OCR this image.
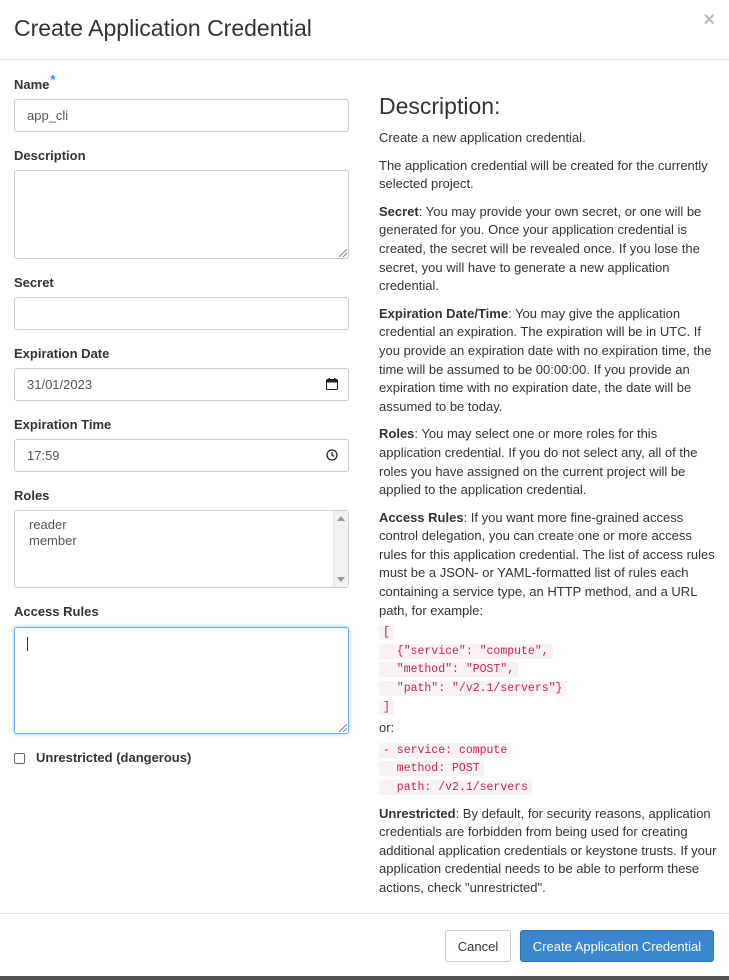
Create Application Credential	×
Name*
app_cli
Description
Secret
Expiration Date
31/01/2023
Expiration Time
17:59
Roles
reader
member
Access Rules
Unrestricted (dangerous)
Description:

Create a new application credential.

The application credential will be created for the currently selected project.

Secret: You may provide your own secret, or one will be generated for you. Once your application credential is created, the secret will be revealed once. If you lose the secret, you will have to generate a new application credential.

Expiration Date/Time: You may give the application credential an expiration. The expiration will be in UTC. If you provide an expiration date with no expiration time, the time will be assumed to be 00:00:00. If you provide an expiration time with no expiration date, the date will be assumed to be today.

Roles: You may select one or more roles for this application credential. If you do not select any, all of the roles you have assigned on the current project will be applied to the application credential.

Access Rules: If you want more fine-grained access control delegation, you can create one or more access rules for this application credential. The list of access rules must be a JSON- or YAML-formatted list of rules each containing a service type, an HTTP method, and a URL path, for example:

[
{"service": "compute",
"method": "POST",
"path": "/v2.1/servers"}
]

or:

- service: compute
method: POST
path: /v2.1/servers

Unrestricted: By default, for security reasons, application credentials are forbidden from being used for creating additional application credentials or keystone trusts. If your application credential needs to be able to perform these actions, check "unrestricted".

Cancel	Create Application Credential
